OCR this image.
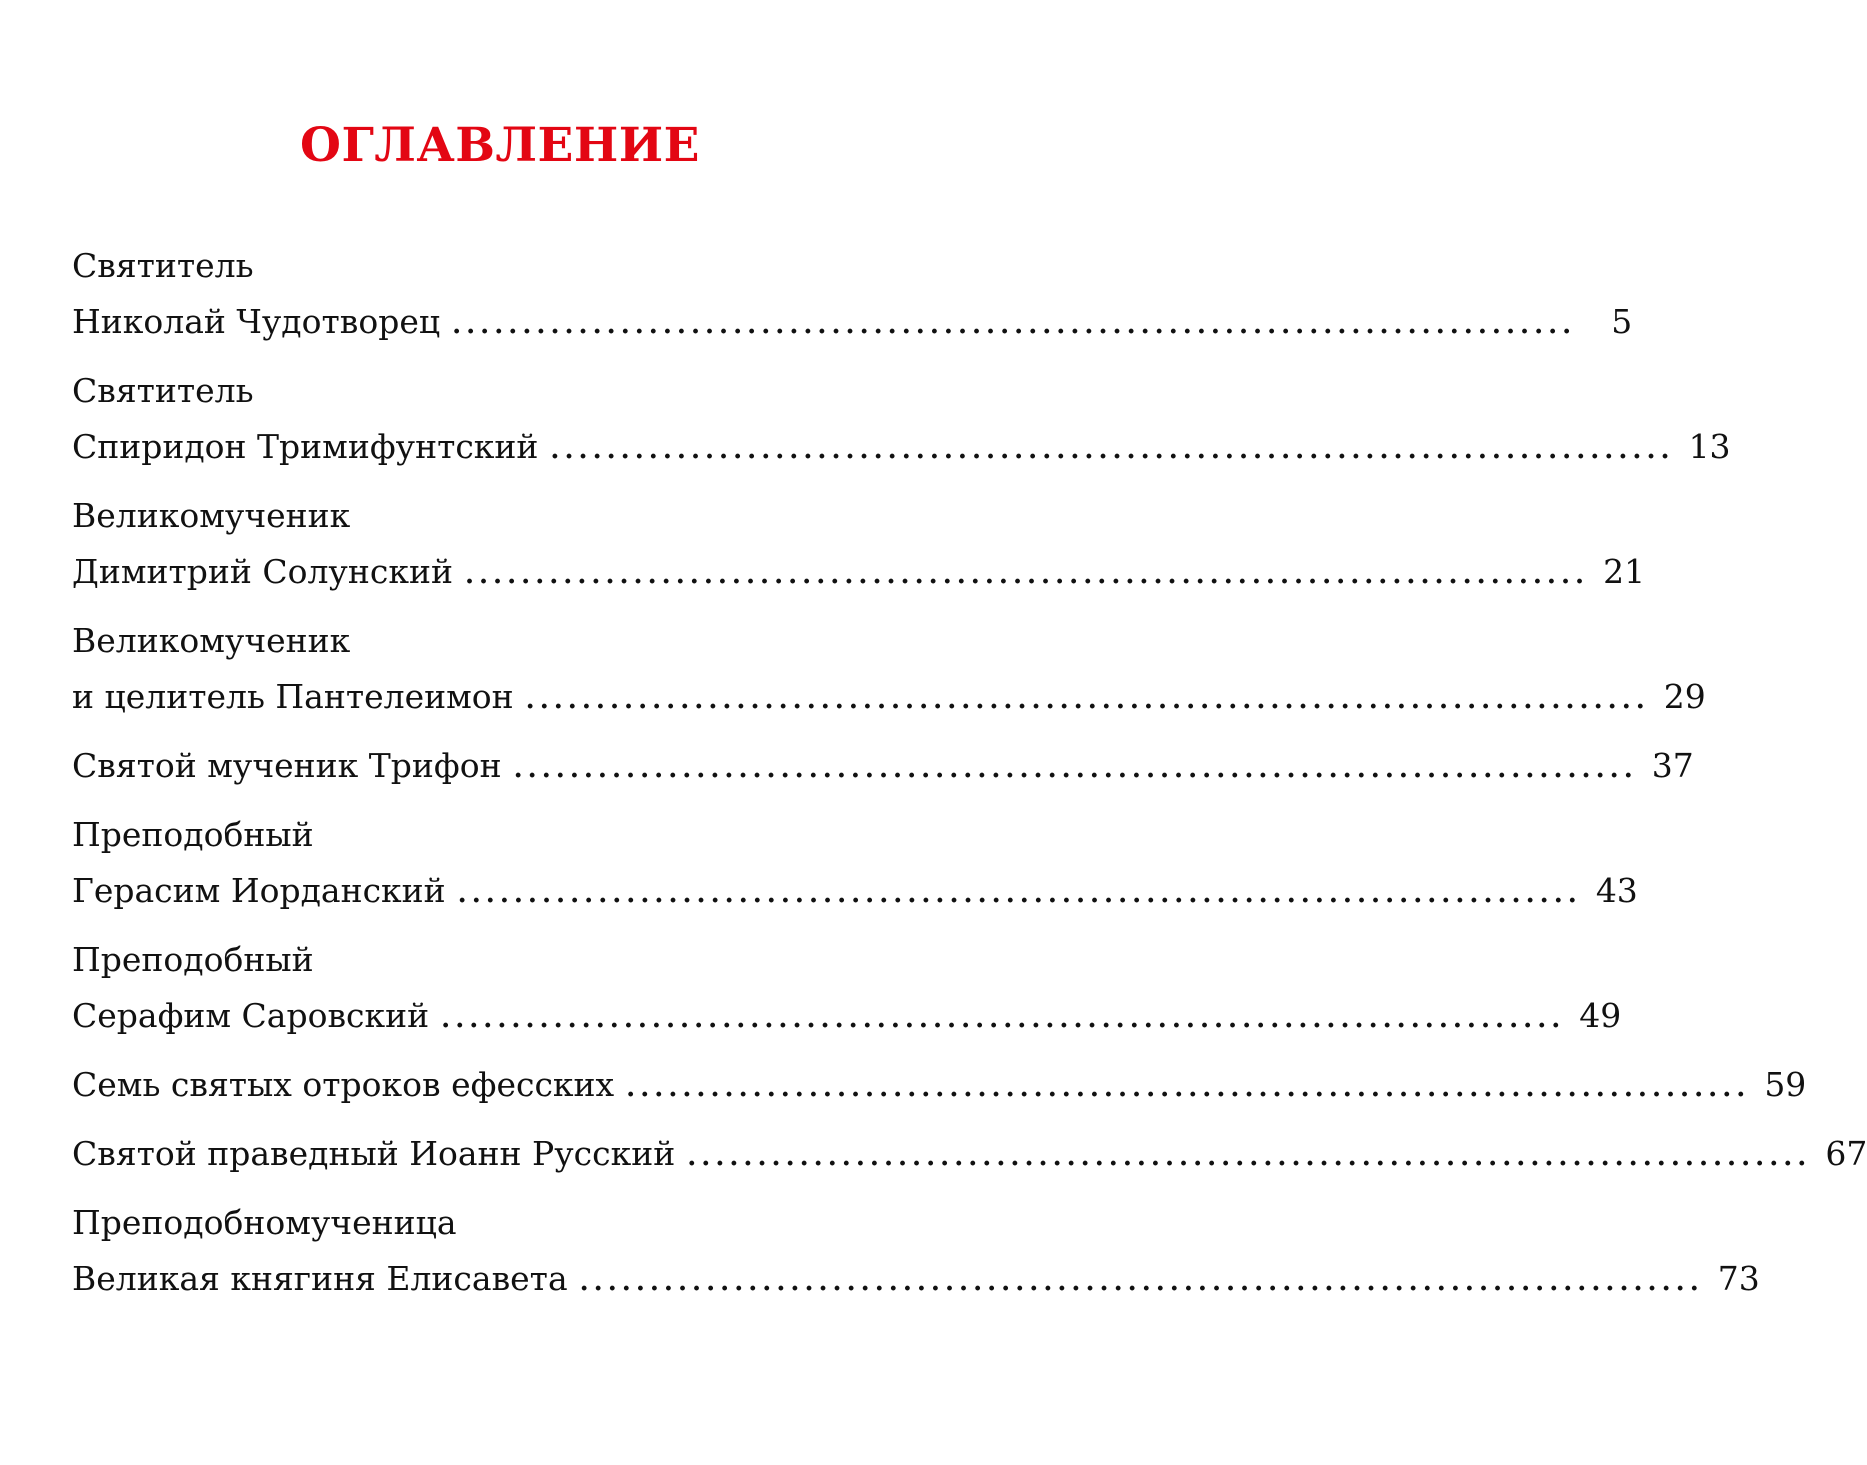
ОГЛАВЛЕНИЕ
Святитель
Николай Чудотворец ................................................................................	5
Святитель
Спиридон Тримифунтский ................................................................................ 13
Великомученик
Димитрий Солунский ................................................................................ 21
Великомученик
и целитель Пантелеимон ................................................................................ 29
Святой мученик Трифон ................................................................................ 37
Преподобный
Герасим Иорданский ................................................................................ 43
Преподобный
Серафим Саровский ................................................................................ 49
Семь святых отроков ефесских ................................................................................ 59
Святой праведный Иоанн Русский ................................................................................ 67
Преподобномученица
Великая княгиня Елисавета ................................................................................ 73
